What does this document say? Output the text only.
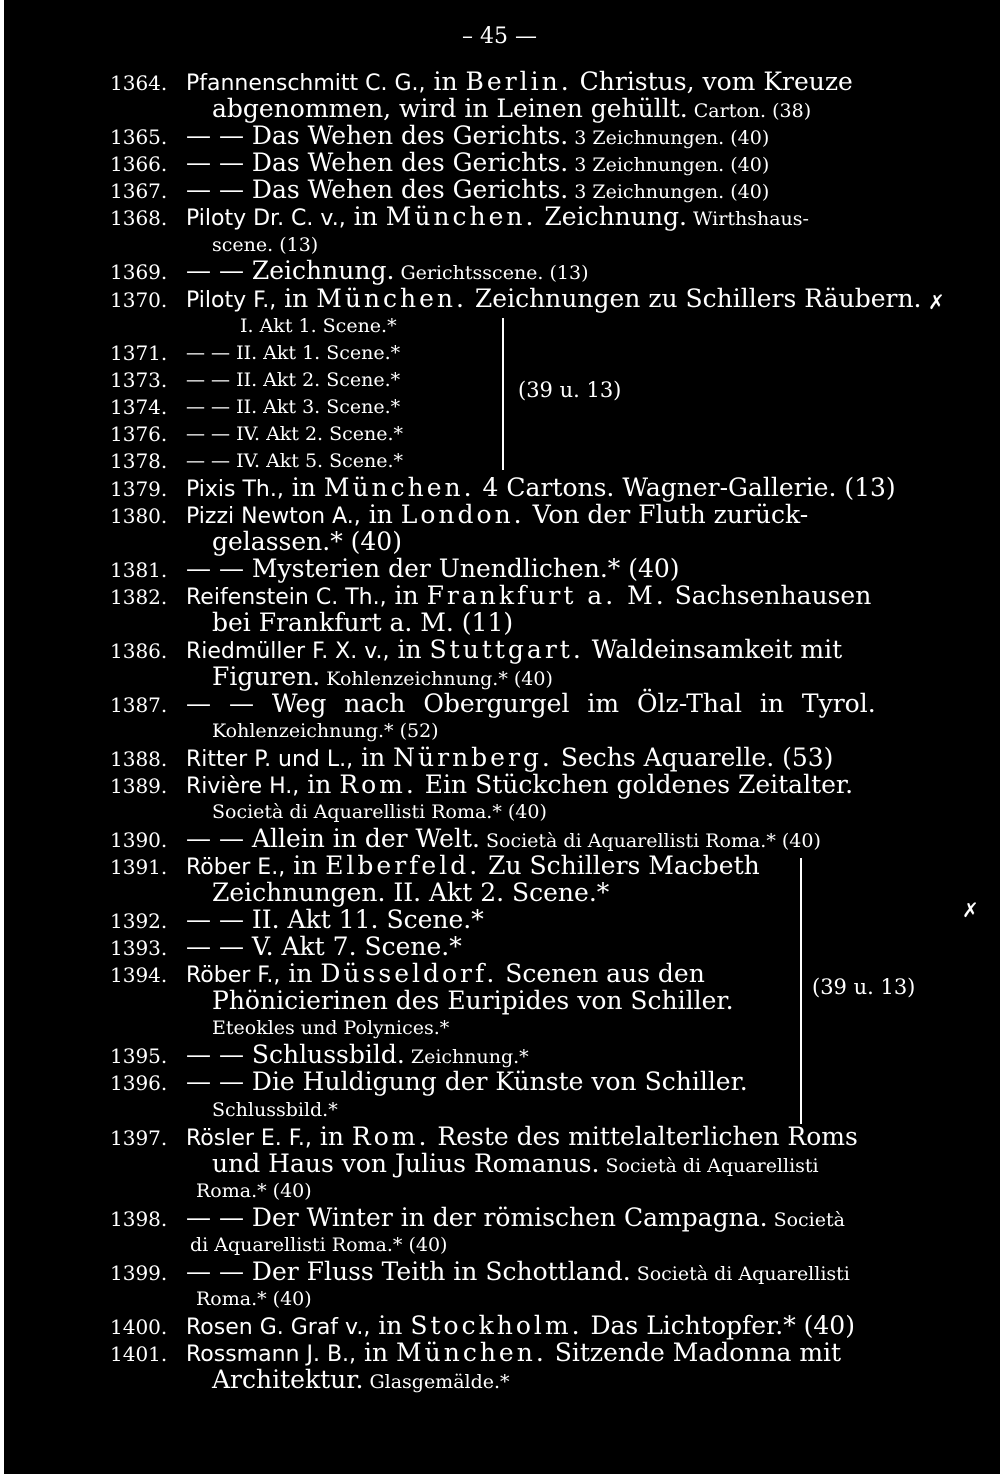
– 45 —
1364. Pfannenschmitt C. G., in Berlin. Christus, vom Kreuze
abgenommen, wird in Leinen gehüllt. Carton. (38)
1365. — — Das Wehen des Gerichts. 3 Zeichnungen. (40)
1366. — — Das Wehen des Gerichts. 3 Zeichnungen. (40)
1367. — — Das Wehen des Gerichts. 3 Zeichnungen. (40)
1368. Piloty Dr. C. v., in München. Zeichnung. Wirthshaus-
scene. (13)
1369. — — Zeichnung. Gerichtsscene. (13)
1370. Piloty F., in München. Zeichnungen zu Schillers Räubern. ✗
I. Akt 1. Scene.*
1371. — — II. Akt 1. Scene.*
1373. — — II. Akt 2. Scene.*
1374. — — II. Akt 3. Scene.*
1376. — — IV. Akt 2. Scene.*
1378. — — IV. Akt 5. Scene.*
(39 u. 13)
1379. Pixis Th., in München. 4 Cartons. Wagner-Gallerie. (13)
1380. Pizzi Newton A., in London. Von der Fluth zurück-
gelassen.* (40)
1381. — — Mysterien der Unendlichen.* (40)
1382. Reifenstein C. Th., in Frankfurt a. M. Sachsenhausen
bei Frankfurt a. M. (11)
1386. Riedmüller F. X. v., in Stuttgart. Waldeinsamkeit mit
Figuren. Kohlenzeichnung.* (40)
1387. — — Weg nach Obergurgel im Ölz-Thal in Tyrol.
Kohlenzeichnung.* (52)
1388. Ritter P. und L., in Nürnberg. Sechs Aquarelle. (53)
1389. Rivière H., in Rom. Ein Stückchen goldenes Zeitalter.
Società di Aquarellisti Roma.* (40)
1390. — — Allein in der Welt. Società di Aquarellisti Roma.* (40)
1391. Röber E., in Elberfeld. Zu Schillers Macbeth
Zeichnungen. II. Akt 2. Scene.*
1392. — — II. Akt 11. Scene.*	✗
1393. — — V. Akt 7. Scene.*
1394. Röber F., in Düsseldorf. Scenen aus den
Phönicierinen des Euripides von Schiller.
Eteokles und Polynices.*
1395. — — Schlussbild. Zeichnung.*
1396. — — Die Huldigung der Künste von Schiller.
Schlussbild.*
(39 u. 13)
1397. Rösler E. F., in Rom. Reste des mittelalterlichen Roms
und Haus von Julius Romanus. Società di Aquarellisti
Roma.* (40)
1398. — — Der Winter in der römischen Campagna. Società
di Aquarellisti Roma.* (40)
1399. — — Der Fluss Teith in Schottland. Società di Aquarellisti
Roma.* (40)
1400. Rosen G. Graf v., in Stockholm. Das Lichtopfer.* (40)
1401. Rossmann J. B., in München. Sitzende Madonna mit
Architektur. Glasgemälde.*
